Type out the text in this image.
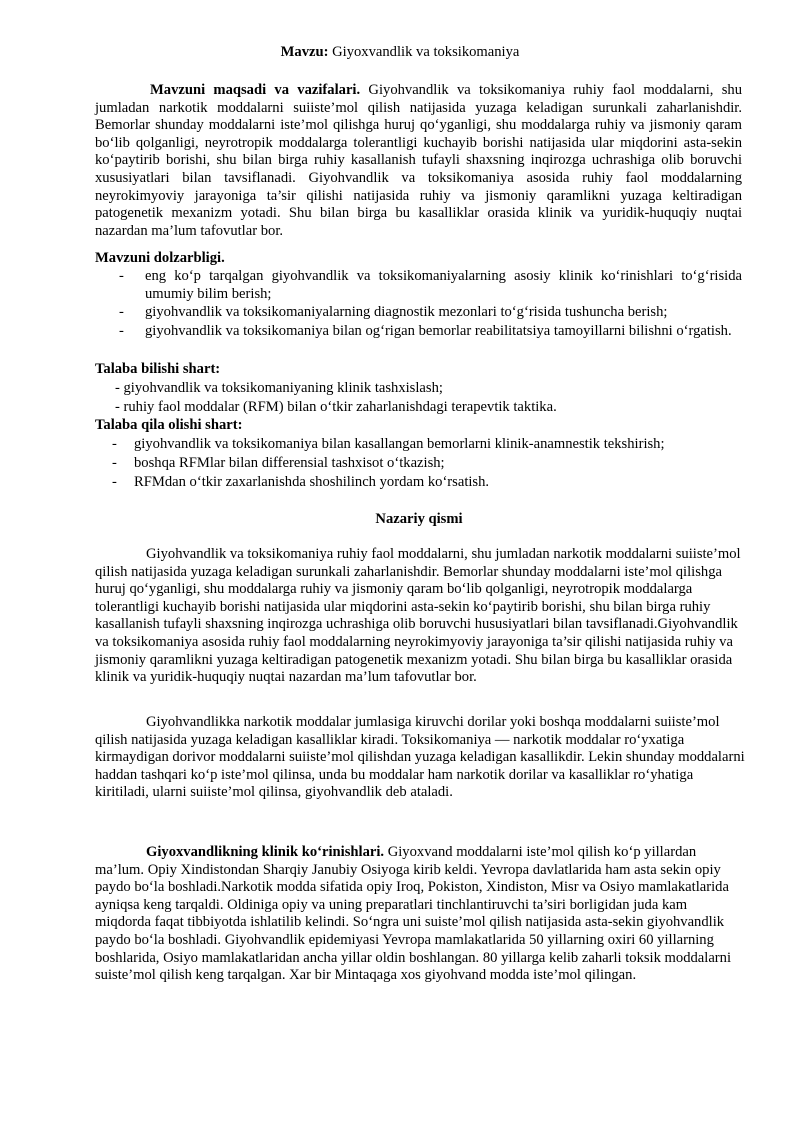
Mavzu: Giyoxvandlik va toksikomaniya

Mavzuni maqsadi va vazifalari. Giyohvandlik va toksikomaniya ruhiy faol moddalarni, shu jumladan narkotik moddalarni suiiste’mol qilish natijasida yuzaga keladigan surunkali zaharlanishdir. Bemorlar shunday moddalarni iste’mol qilishga huruj qo‘yganligi, shu moddalarga ruhiy va jismoniy qaram bo‘lib qolganligi, neyrotropik moddalarga tolerantligi kuchayib borishi natijasida ular miqdorini asta-sekin ko‘paytirib borishi, shu bilan birga ruhiy kasallanish tufayli shaxsning inqirozga uchrashiga olib boruvchi xususiyatlari bilan tavsiflanadi. Giyohvandlik va toksikomaniya asosida ruhiy faol moddalarning neyrokimyoviy jarayoniga ta’sir qilishi natijasida ruhiy va jismoniy qaramlikni yuzaga keltiradigan patogenetik mexanizm yotadi. Shu bilan birga bu kasalliklar orasida klinik va yuridik-huquqiy nuqtai nazardan ma’lum tafovutlar bor.

Mavzuni dolzarbligi.
- eng ko‘p tarqalgan giyohvandlik va toksikomaniyalarning asosiy klinik ko‘rinishlari to‘g‘risida umumiy bilim berish;
- giyohvandlik va toksikomaniyalarning diagnostik mezonlari to‘g‘risida tushuncha berish;
- giyohvandlik va toksikomaniya bilan og‘rigan bemorlar reabilitatsiya tamoyillarni bilishni o‘rgatish.
Talaba bilishi shart:
- giyohvandlik va toksikomaniyaning klinik tashxislash;
- ruhiy faol moddalar (RFM) bilan o‘tkir zaharlanishdagi terapevtik taktika.
Talaba qila olishi shart:
- giyohvandlik va toksikomaniya bilan kasallangan bemorlarni klinik-anamnestik tekshirish;
- boshqa RFMlar bilan differensial tashxisot o‘tkazish;
- RFMdan o‘tkir zaxarlanishda shoshilinch yordam ko‘rsatish.
Nazariy qismi

Giyohvandlik va toksikomaniya ruhiy faol moddalarni, shu jumladan narkotik moddalarni suiiste’mol qilish natijasida yuzaga keladigan surunkali zaharlanishdir. Bemorlar shunday moddalarni iste’mol qilishga huruj qo‘yganligi, shu moddalarga ruhiy va jismoniy qaram bo‘lib qolganligi, neyrotropik moddalarga tolerantligi kuchayib borishi natijasida ular miqdorini asta-sekin ko‘paytirib borishi, shu bilan birga ruhiy kasallanish tufayli shaxsning inqirozga uchrashiga olib boruvchi hususiyatlari bilan tavsiflanadi.Giyohvandlik va toksikomaniya asosida ruhiy faol moddalarning neyrokimyoviy jarayoniga ta’sir qilishi natijasida ruhiy va jismoniy qaramlikni yuzaga keltiradigan patogenetik mexanizm yotadi. Shu bilan birga bu kasalliklar orasida klinik va yuridik-huquqiy nuqtai nazardan ma’lum tafovutlar bor.

Giyohvandlikka narkotik moddalar jumlasiga kiruvchi dorilar yoki boshqa moddalarni suiiste’mol qilish natijasida yuzaga keladigan kasalliklar kiradi. Toksikomaniya — narkotik moddalar ro‘yxatiga kirmaydigan dorivor moddalarni suiiste’mol qilishdan yuzaga keladigan kasallikdir. Lekin shunday moddalarni haddan tashqari ko‘p iste’mol qilinsa, unda bu moddalar ham narkotik dorilar va kasalliklar ro‘yhatiga kiritiladi, ularni suiiste’mol qilinsa, giyohvandlik deb ataladi.

Giyoxvandlikning klinik ko‘rinishlari. Giyoxvand moddalarni iste’mol qilish ko‘p yillardan ma’lum. Opiy Xindistondan Sharqiy Janubiy Osiyoga kirib keldi. Yevropa davlatlarida ham asta sekin opiy paydo bo‘la boshladi.Narkotik modda sifatida opiy Iroq, Pokiston, Xindiston, Misr va Osiyo mamlakatlarida ayniqsa keng tarqaldi. Oldiniga opiy va uning preparatlari tinchlantiruvchi ta’siri borligidan juda kam miqdorda faqat tibbiyotda ishlatilib kelindi. So‘ngra uni suiste’mol qilish natijasida asta-sekin giyohvandlik paydo bo‘la boshladi. Giyohvandlik epidemiyasi Yevropa mamlakatlarida 50 yillarning oxiri 60 yillarning boshlarida, Osiyo mamlakatlaridan ancha yillar oldin boshlangan. 80 yillarga kelib zaharli toksik moddalarni suiste’mol qilish keng tarqalgan. Xar bir Mintaqaga xos giyohvand modda iste’mol qilingan.
